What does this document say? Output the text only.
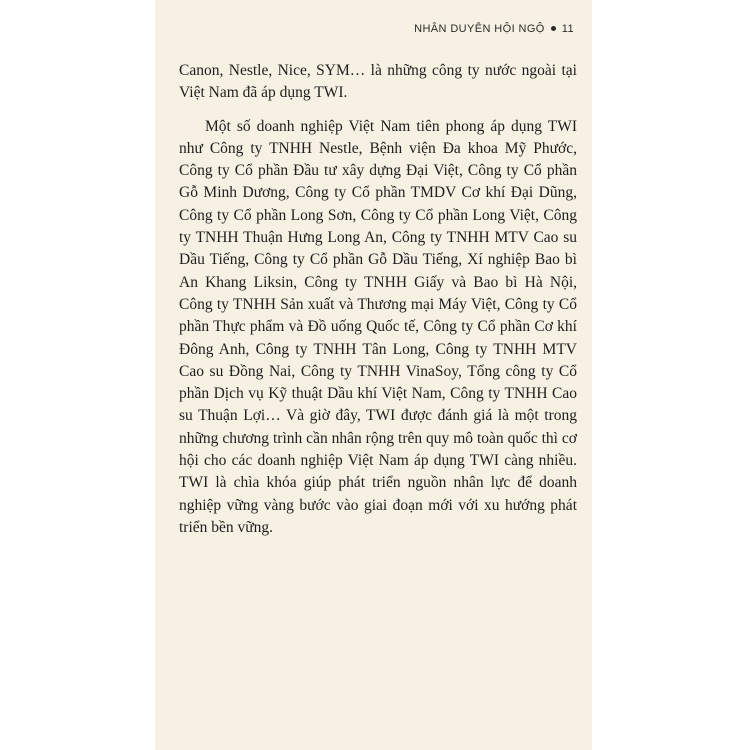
NHÂN DUYÊN HỘI NGỘ 11

Canon, Nestle, Nice, SYM… là những công ty nước ngoài tại Việt Nam đã áp dụng TWI.

Một số doanh nghiệp Việt Nam tiên phong áp dụng TWI như Công ty TNHH Nestle, Bệnh viện Đa khoa Mỹ Phước, Công ty Cổ phần Đầu tư xây dựng Đại Việt, Công ty Cổ phần Gỗ Minh Dương, Công ty Cổ phần TMDV Cơ khí Đại Dũng, Công ty Cổ phần Long Sơn, Công ty Cổ phần Long Việt, Công ty TNHH Thuận Hưng Long An, Công ty TNHH MTV Cao su Dầu Tiếng, Công ty Cổ phần Gỗ Dầu Tiếng, Xí nghiệp Bao bì An Khang Liksin, Công ty TNHH Giấy và Bao bì Hà Nội, Công ty TNHH Sản xuất và Thương mại Máy Việt, Công ty Cổ phần Thực phẩm và Đồ uống Quốc tế, Công ty Cổ phần Cơ khí Đông Anh, Công ty TNHH Tân Long, Công ty TNHH MTV Cao su Đồng Nai, Công ty TNHH VinaSoy, Tổng công ty Cổ phần Dịch vụ Kỹ thuật Dầu khí Việt Nam, Công ty TNHH Cao su Thuận Lợi… Và giờ đây, TWI được đánh giá là một trong những chương trình cần nhân rộng trên quy mô toàn quốc thì cơ hội cho các doanh nghiệp Việt Nam áp dụng TWI càng nhiều. TWI là chìa khóa giúp phát triển nguồn nhân lực để doanh nghiệp vững vàng bước vào giai đoạn mới với xu hướng phát triển bền vững.
